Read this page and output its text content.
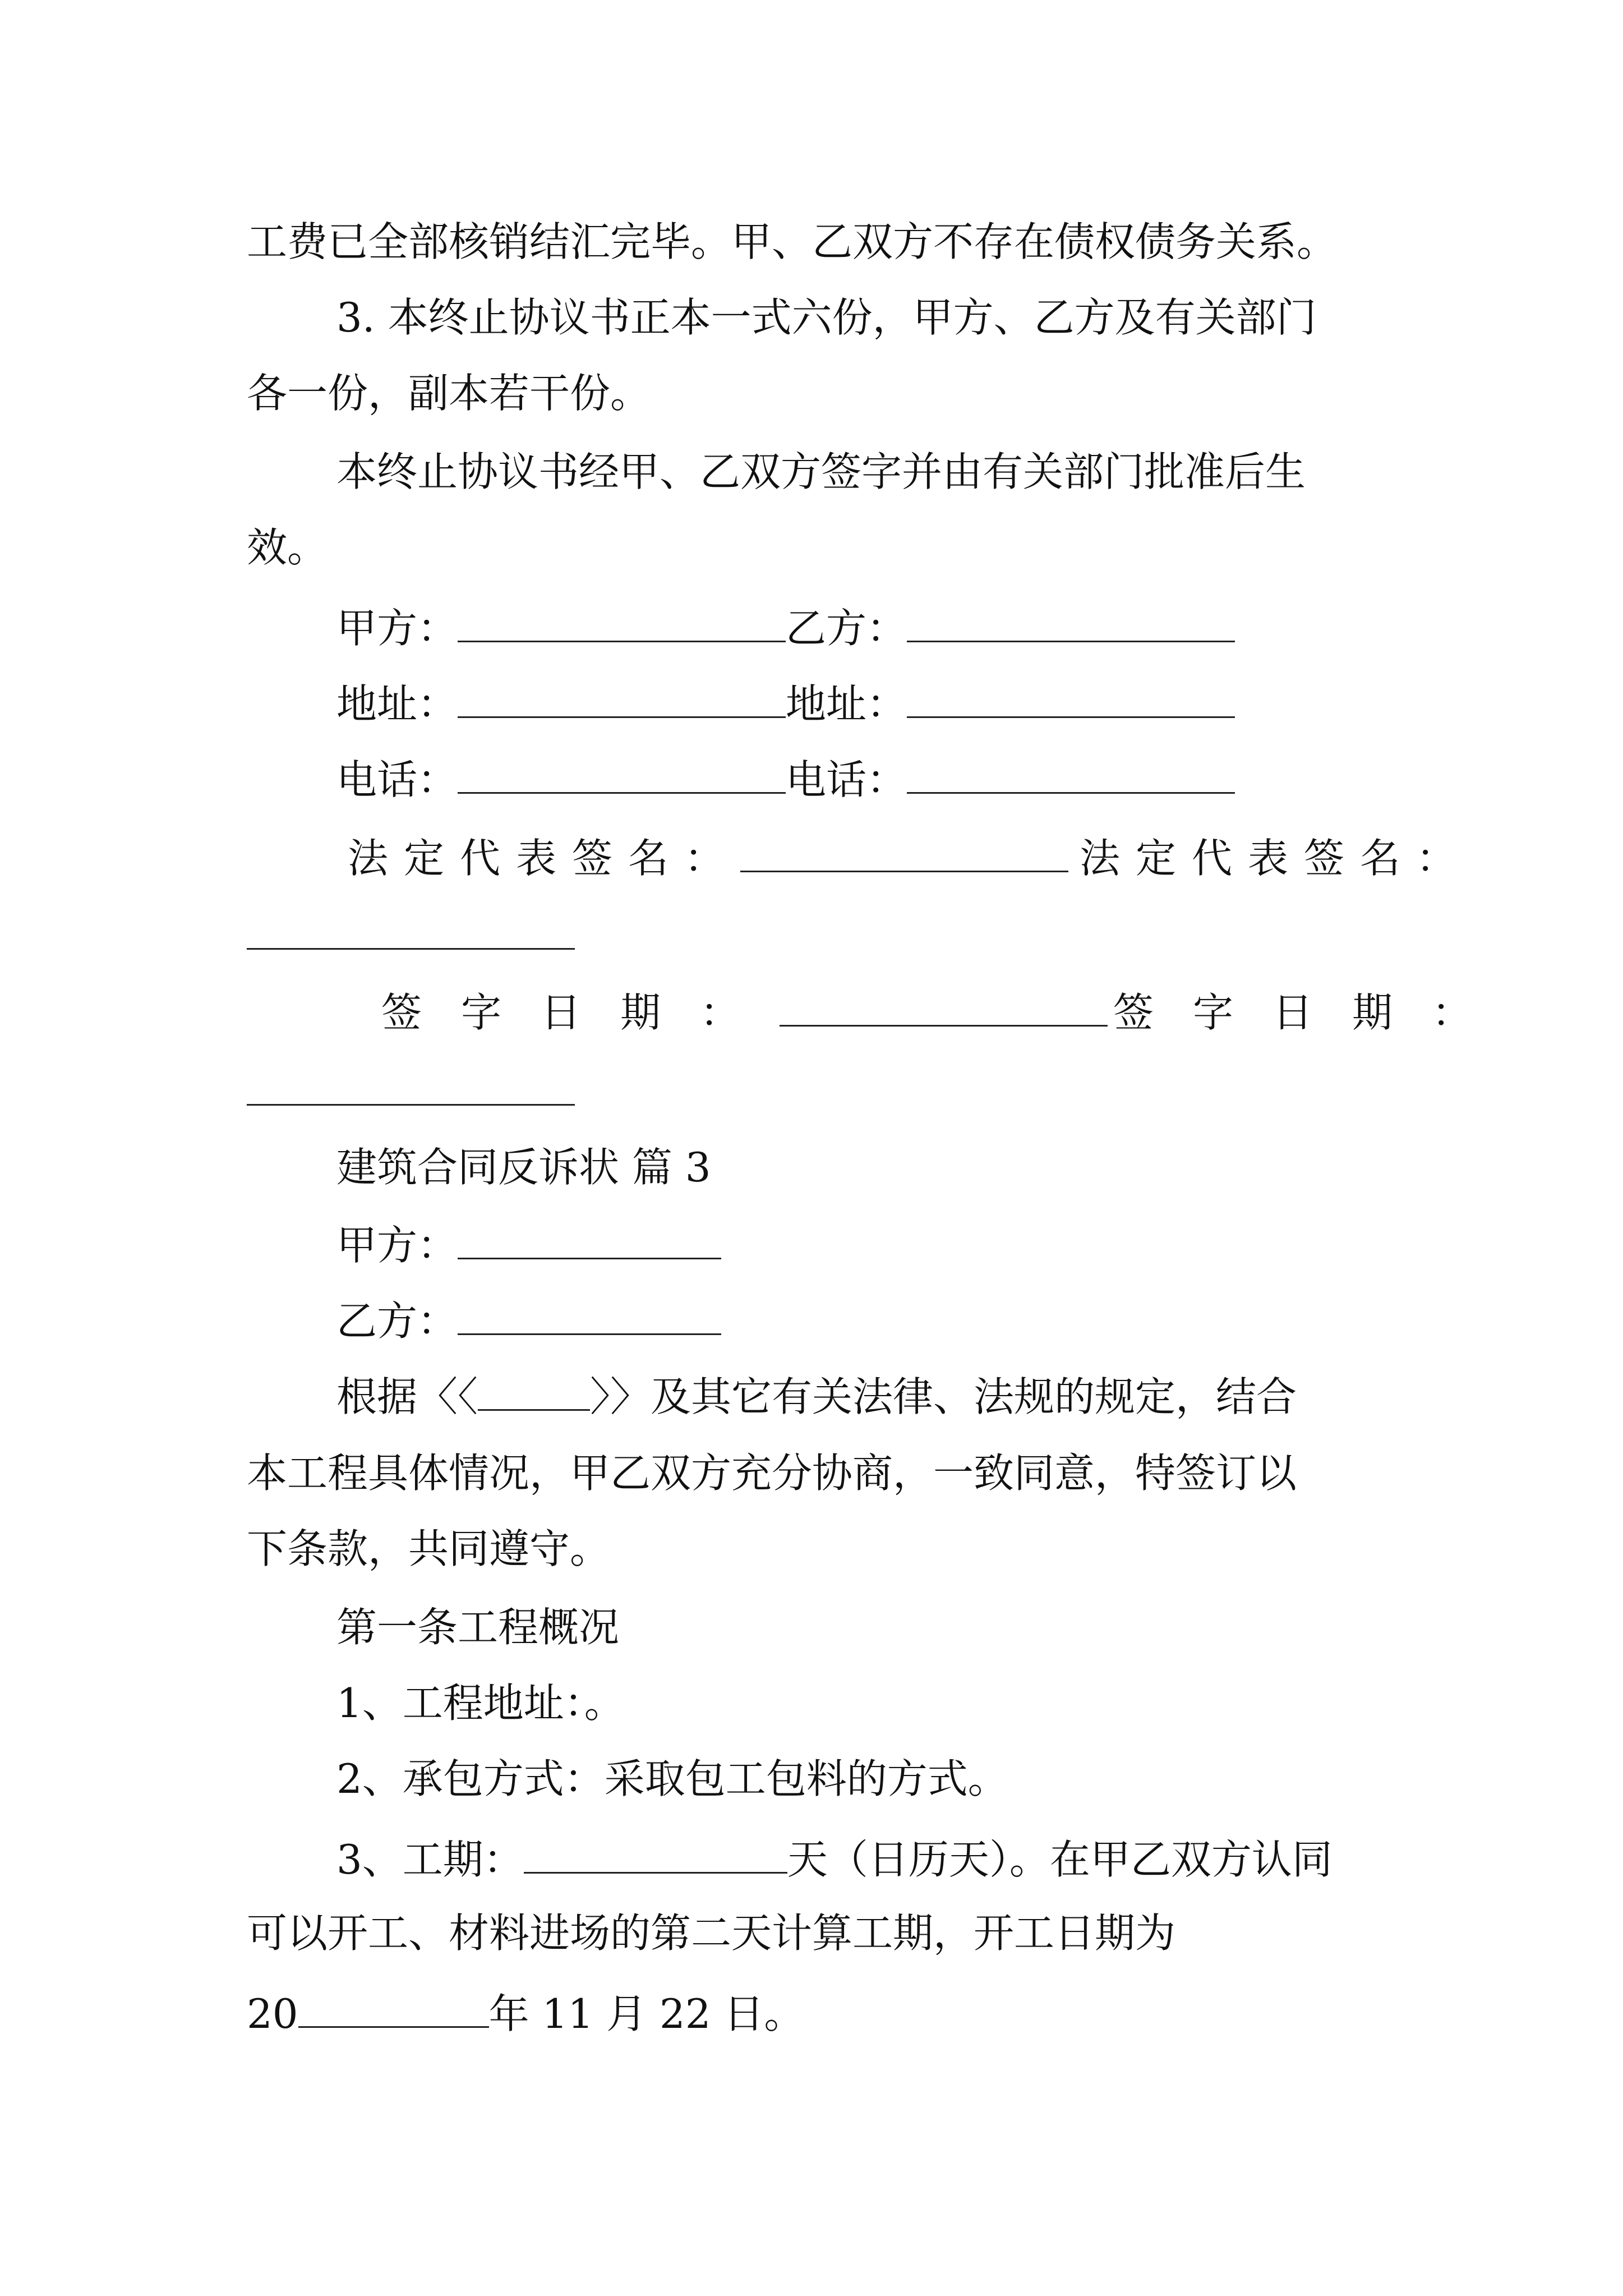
工费已全部核销结汇完毕。甲、乙双方不存在债权债务关系。
3. 本终止协议书正本一式六份，甲方、乙方及有关部门
各一份，副本若干份。
本终止协议书经甲、乙双方签字并由有关部门批准后生
效。
甲方：	乙方：
地址：	地址：
电话：	电话：
法定代表签名：	法定代表签名：
签字日期：	签字日期：
建筑合同反诉状 篇 3
甲方：
乙方：
根据〈〈	〉〉及其它有关法律、法规的规定，结合
本工程具体情况，甲乙双方充分协商，一致同意，特签订以
下条款，共同遵守。
第一条工程概况
1、工程地址：。
2、承包方式：采取包工包料的方式。
3、工期：	天（日历天）。在甲乙双方认同
可以开工、材料进场的第二天计算工期，开工日期为
20	年 11 月 22 日。
